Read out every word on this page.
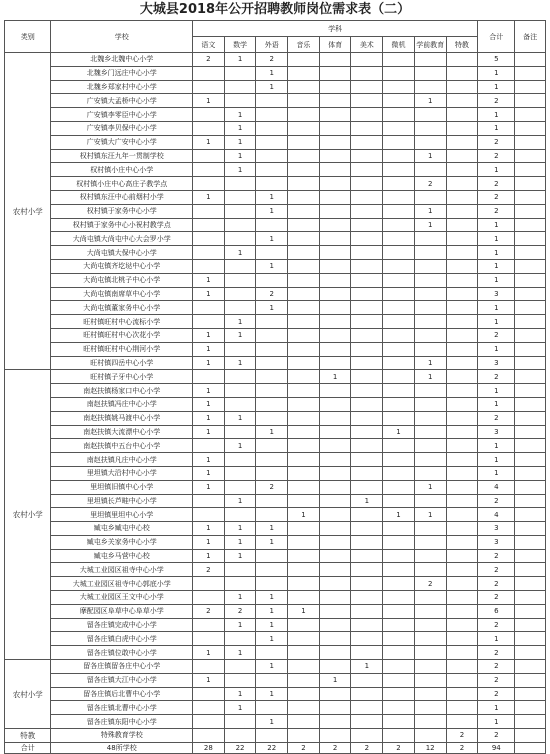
大城县2018年公开招聘教师岗位需求表（二）
类别	学校	学科									合计	备注
		语文	数学	外语	音乐	体育	美术	微机	学前教育	特教		
农村小学	北魏乡北魏中心小学	2	1	2							5	
	北魏乡门远庄中心小学			1							1	
	北魏乡郑家村中心小学			1							1	
	广安镇大孟桥中心小学	1							1		2	
	广安镇李零臣中心小学		1								1	
	广安镇李贝保中心小学		1								1	
	广安镇大广安中心小学	1	1								2	
	权村镇东汪九年一贯制学校		1						1		2	
	权村镇小庄中心小学		1								1	
	权村镇小庄中心高庄子教学点								2		2	
	权村镇东汪中心前烟村小学	1		1							2	
	权村镇于家务中心小学			1					1		2	
	权村镇于家务中心小祝村教学点								1		1	
	大尚屯镇大尚屯中心大会罗小学			1							1	
	大尚屯镇大保中心小学		1								1	
	大尚屯镇齐圪垯中心小学			1							1	
	大尚屯镇北桃子中心小学	1									1	
	大尚屯镇南席草中心小学	1		2							3	
	大尚屯镇董家务中心小学			1							1	
	旺村镇旺村中心流标小学		1								1	
	旺村镇旺村中心次花小学	1	1								2	
	旺村镇旺村中心荆河小学	1									1	
	旺村镇四岳中心小学	1	1						1		3	
农村小学	旺村镇子牙中心小学					1			1		2	
	南赵扶镇杨家口中心小学	1									1	
	南赵扶镇冯庄中心小学	1									1	
	南赵扶镇姚马渡中心小学	1	1								2	
	南赵扶镇大流漂中心小学	1		1				1			3	
	南赵扶镇中五台中心小学		1								1	
	南赵扶镇凡庄中心小学	1									1	
	里坦镇大沿村中心小学	1									1	
	里坦镇旧镇中心小学	1		2					1		4	
	里坦镇长芦畦中心小学		1				1				2	
	里坦镇里坦中心小学				1			1	1		4	
	臧屯乡臧屯中心校	1	1	1							3	
	臧屯乡关家务中心小学	1	1	1							3	
	臧屯乡马营中心校	1	1								2	
	大城工业园区祖寺中心小学	2									2	
	大城工业园区祖寺中心郭底小学								2		2	
	大城工业园区王文中心小学		1	1							2	
	摩配园区阜草中心阜草小学	2	2	1	1						6	
	留各庄镇完成中心小学		1	1							2	
	留各庄镇白虎中心小学			1							1	
	留各庄镇位敢中心小学	1	1								2	
农村小学	留各庄镇留各庄中心小学			1			1				2	
	留各庄镇大江中心小学	1				1					2	
	留各庄镇后北曹中心小学		1	1							2	
	留各庄镇北曹中心小学		1								1	
	留各庄镇东阳中心小学			1							1	
特教	特殊教育学校									2	2	
合计	48所学校	28	22	22	2	2	2	2	12	2	94	
